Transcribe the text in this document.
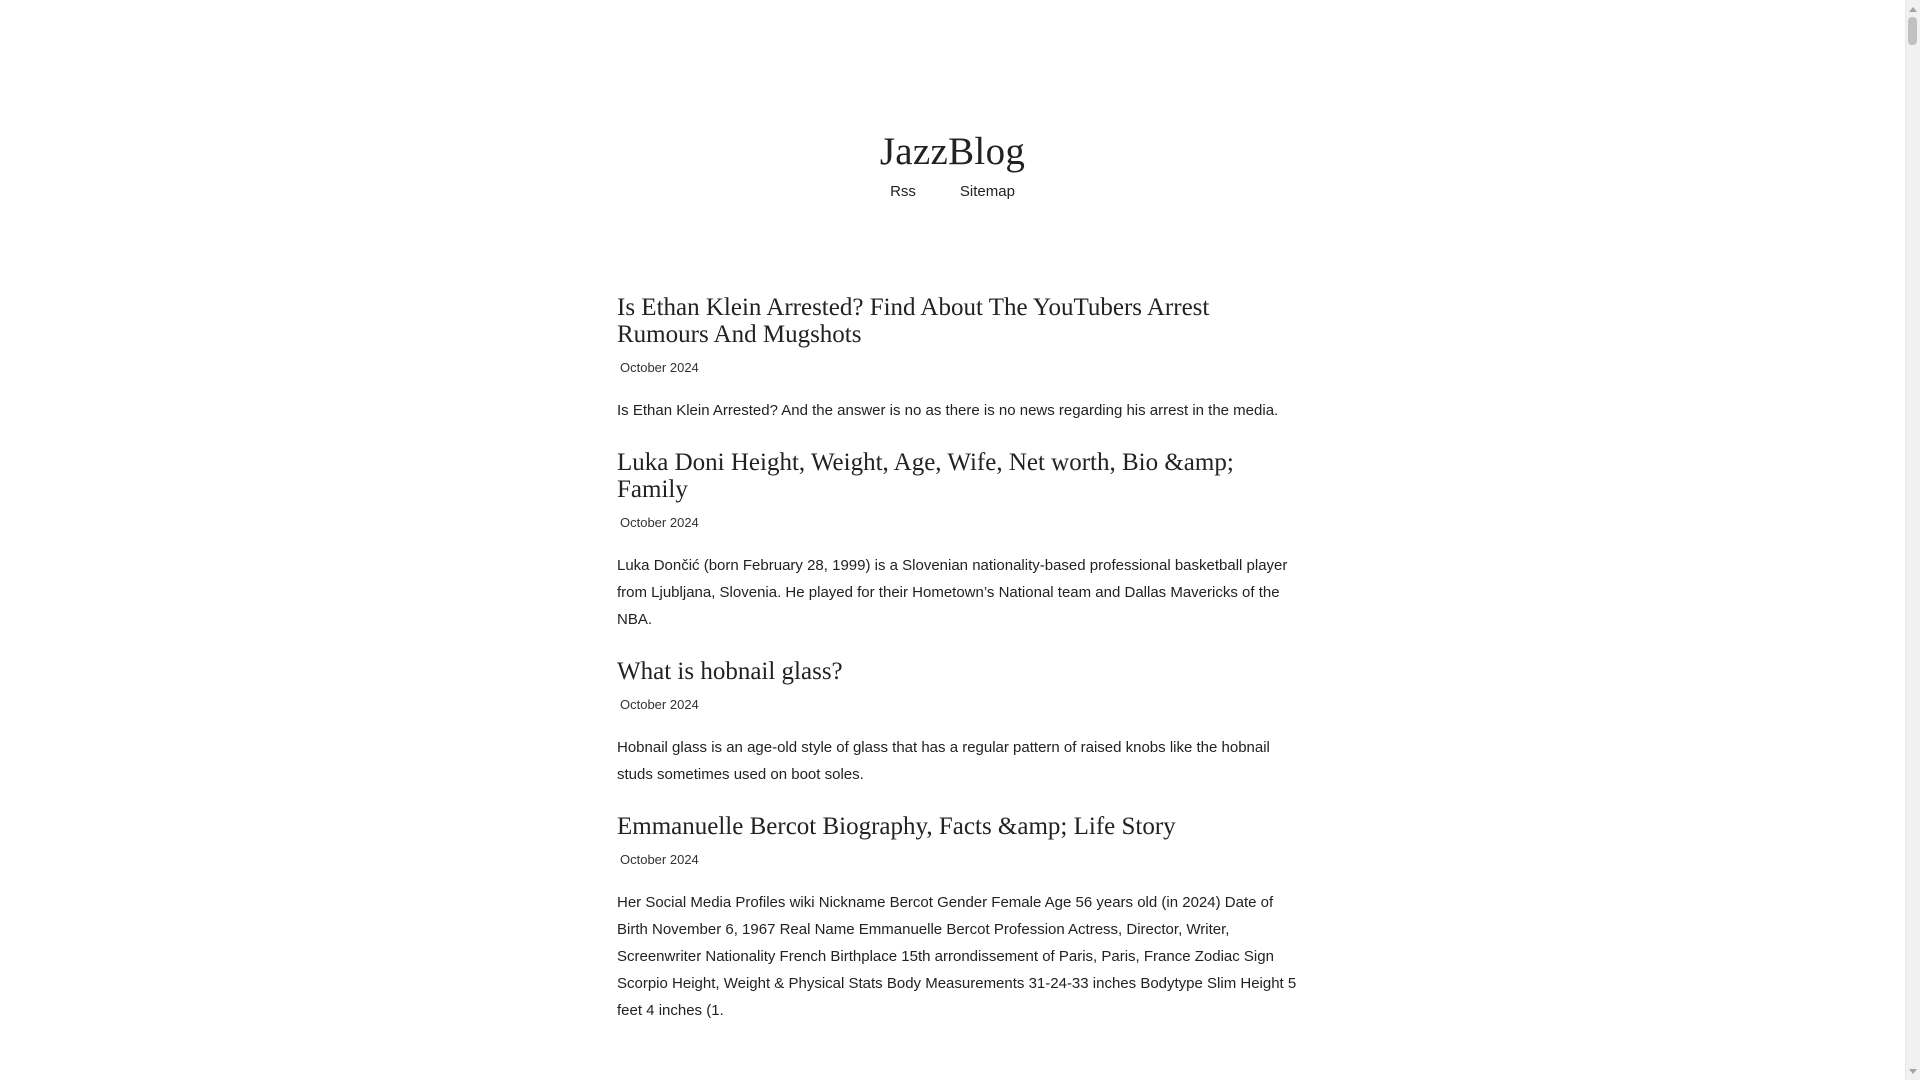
JazzBlog
Rss	Sitemap
Is Ethan Klein Arrested? Find About The YouTubers Arrest Rumours And Mugshots
October 2024
Is Ethan Klein Arrested? And the answer is no as there is no news regarding his arrest in the media.
Luka Doni Height, Weight, Age, Wife, Net worth, Bio &amp; Family
October 2024
Luka Dončić (born February 28, 1999) is a Slovenian nationality-based professional basketball player from Ljubljana, Slovenia. He played for their Hometown’s National team and Dallas Mavericks of the NBA.
What is hobnail glass?
October 2024
Hobnail glass is an age-old style of glass that has a regular pattern of raised knobs like the hobnail studs sometimes used on boot soles.
Emmanuelle Bercot Biography, Facts &amp; Life Story
October 2024
Her Social Media Profiles wiki Nickname Bercot Gender Female Age 56 years old (in 2024) Date of Birth November 6, 1967 Real Name Emmanuelle Bercot Profession Actress, Director, Writer, Screenwriter Nationality French Birthplace 15th arrondissement of Paris, Paris, France Zodiac Sign Scorpio Height, Weight & Physical Stats Body Measurements 31-24-33 inches Bodytype Slim Height 5 feet 4 inches (1.
